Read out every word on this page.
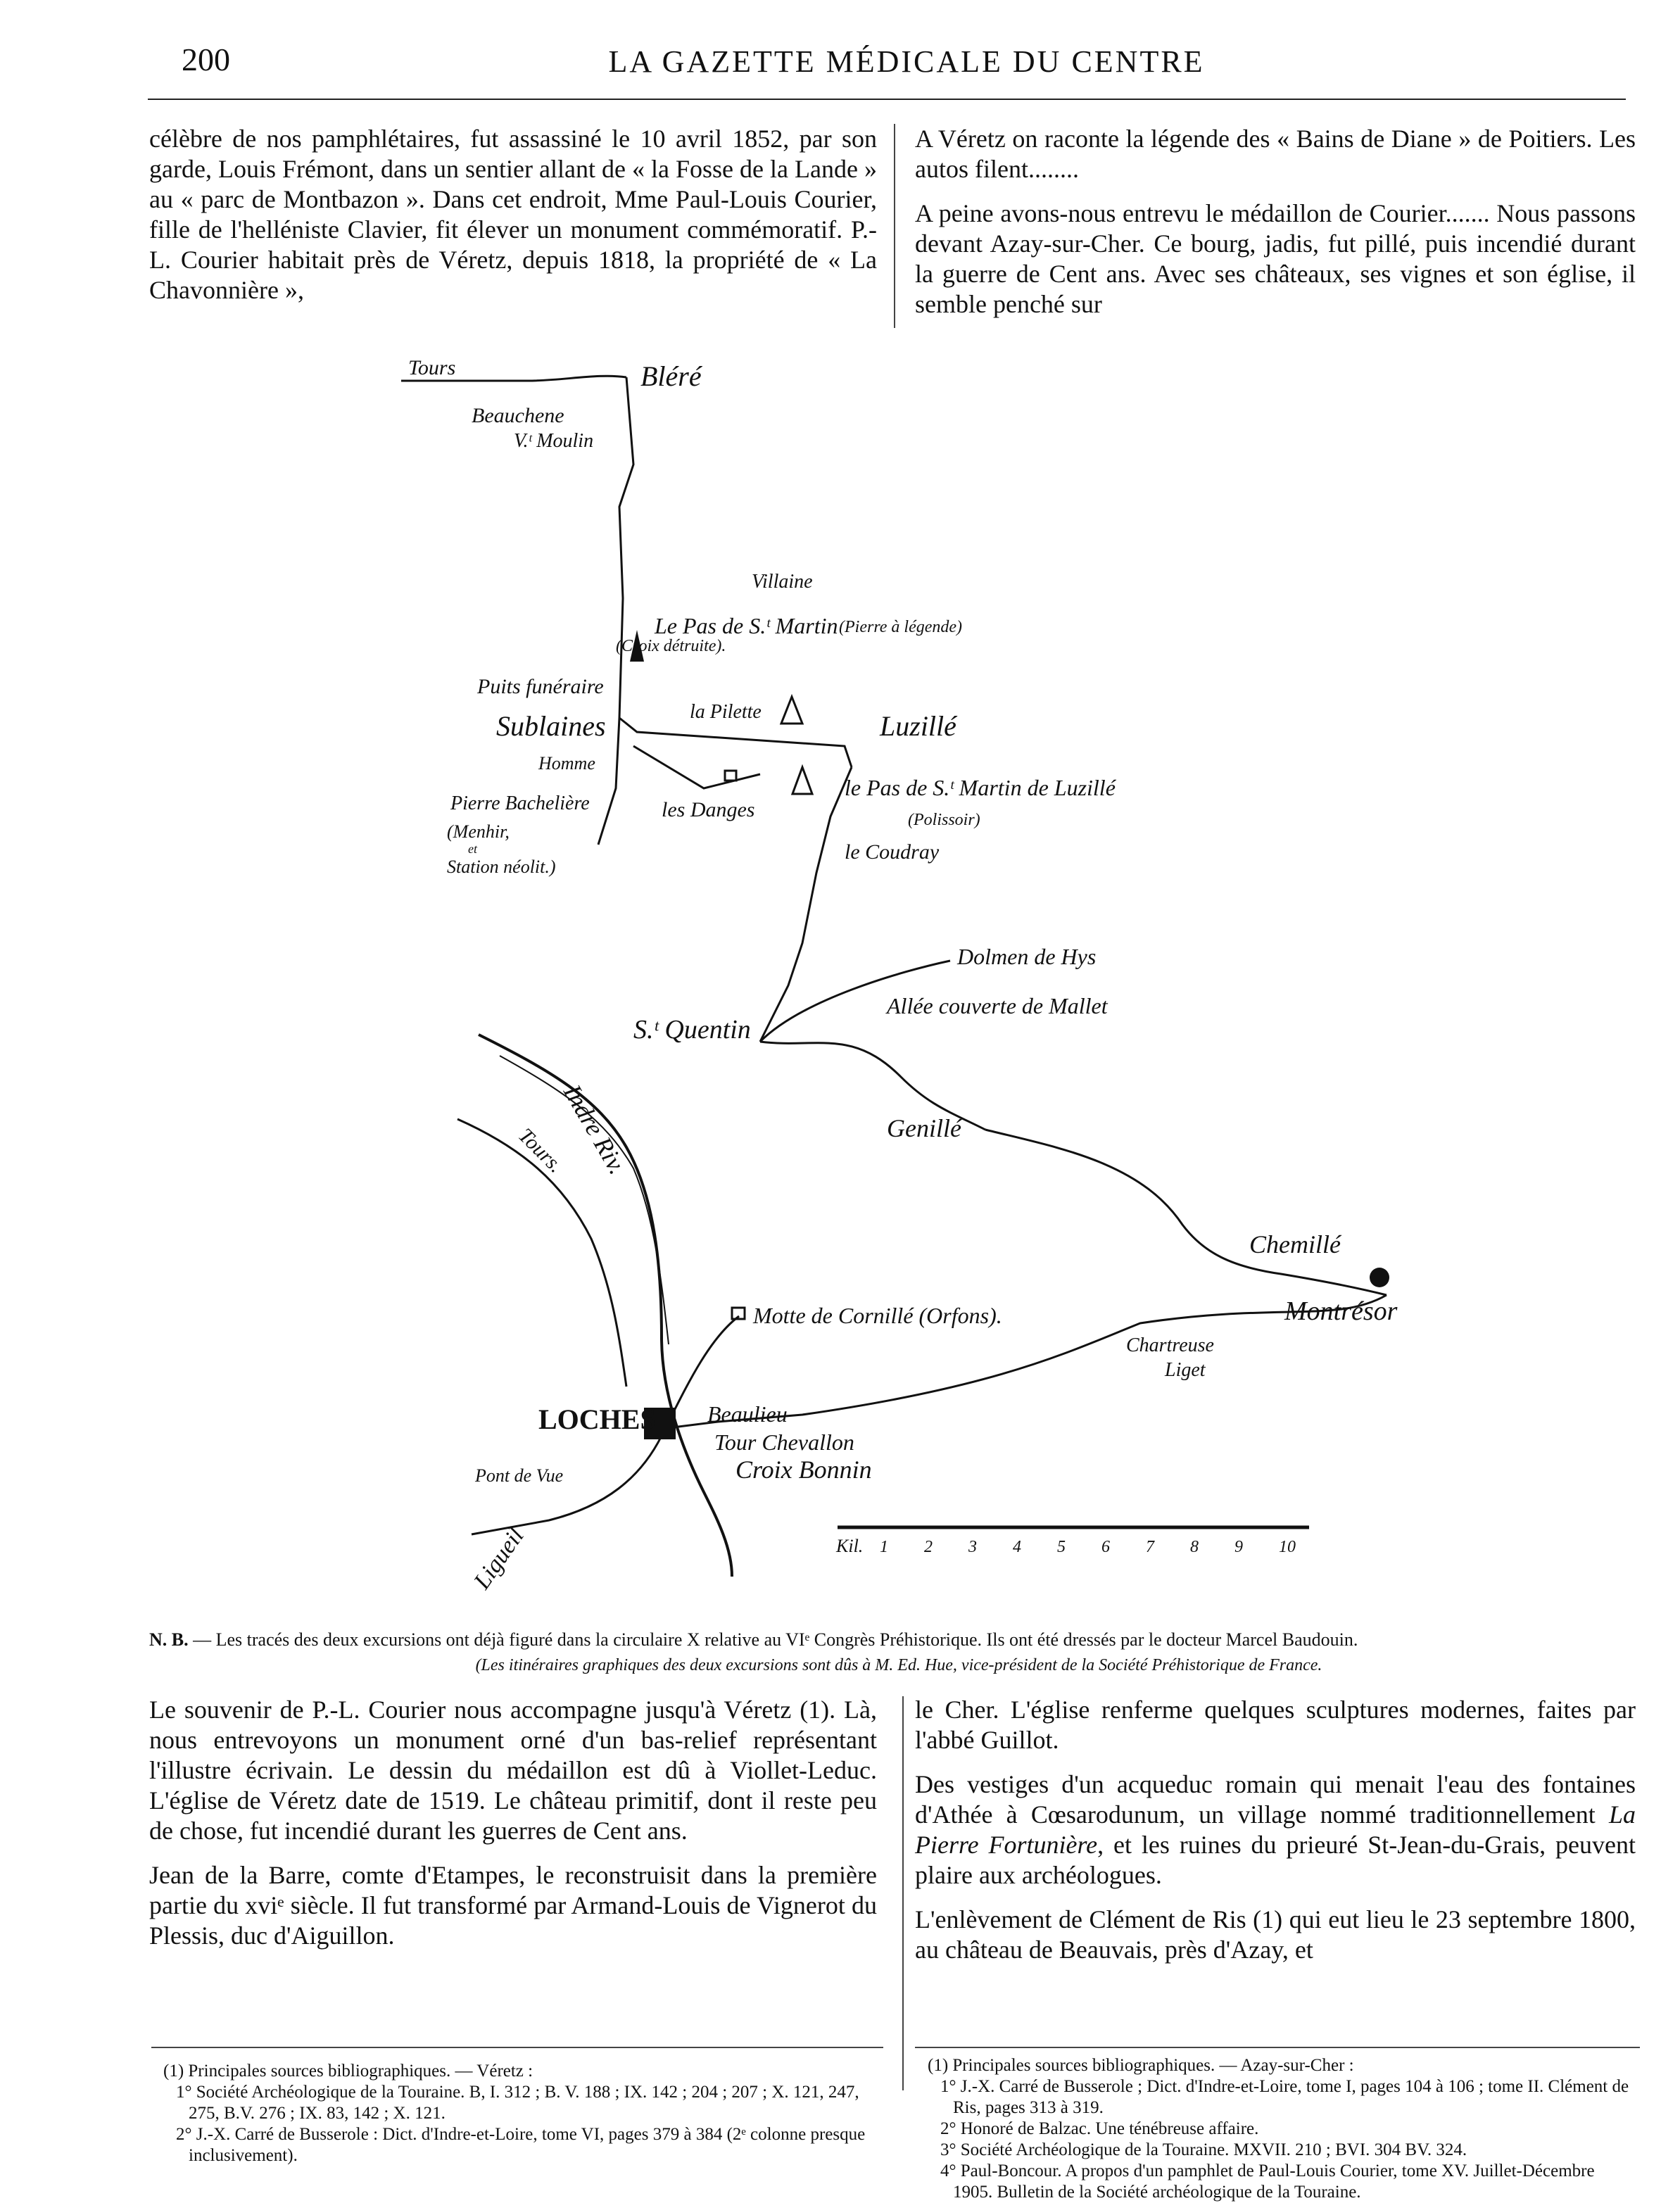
200	LA GAZETTE MÉDICALE DU CENTRE

célèbre de nos pamphlétaires, fut assassiné le 10 avril 1852, par son garde, Louis Frémont, dans un sentier allant de « la Fosse de la Lande » au « parc de Montbazon ». Dans cet endroit, Mme Paul-Louis Courier, fille de l'helléniste Clavier, fit élever un monument commémoratif. P.-L. Courier habitait près de Véretz, depuis 1818, la propriété de « La Chavonnière »,

A Véretz on raconte la légende des « Bains de Diane » de Poitiers. Les autos filent........

A peine avons-nous entrevu le médaillon de Courier....... Nous passons devant Azay-sur-Cher. Ce bourg, jadis, fut pillé, puis incendié durant la guerre de Cent ans. Avec ses châteaux, ses vignes et son église, il semble penché sur

Tours	Bléré
Beauchene
V.ᵗ Moulin
Villaine
Le Pas de S.ᵗ Martin (Pierre à légende)
(Croix détruite).
Puits funéraire
la Pilette	Luzillé
Sublaines
Homme
les Danges
le Pas de S.ᵗ Martin de Luzillé
(Polissoir)
Pierre Bachelière
(Menhir,
et
Station néolit.)
le Coudray
Dolmen de Hys
Allée couverte de Mallet
S.ᵗ Quentin
Indre Riv.
Tours.	Genillé
Chemillé
Montrésor
Motte de Cornillé (Orfons).
Chartreuse
Liget
LOCHES Beaulieu
Tour Chevallon
Croix Bonnin
Pont de Vue
Ligueil	Kil. 1 2 3 4 5 6 7 8 9 10
N. B. — Les tracés des deux excursions ont déjà figuré dans la circulaire X relative au VIᵉ Congrès Préhistorique. Ils ont été dressés par le docteur Marcel Baudouin.
(Les itinéraires graphiques des deux excursions sont dûs à M. Ed. Hue, vice-président de la Société Préhistorique de France.

Le souvenir de P.-L. Courier nous accompagne jusqu'à Véretz (1). Là, nous entrevoyons un monument orné d'un bas-relief représentant l'illustre écrivain. Le dessin du médaillon est dû à Viollet-Leduc. L'église de Véretz date de 1519. Le château primitif, dont il reste peu de chose, fut incendié durant les guerres de Cent ans.

Jean de la Barre, comte d'Etampes, le reconstruisit dans la première partie du xviᵉ siècle. Il fut transformé par Armand-Louis de Vignerot du Plessis, duc d'Aiguillon.

le Cher. L'église renferme quelques sculptures modernes, faites par l'abbé Guillot.

Des vestiges d'un acqueduc romain qui menait l'eau des fontaines d'Athée à Cœsarodunum, un village nommé traditionnellement La Pierre Fortunière, et les ruines du prieuré St-Jean-du-Grais, peuvent plaire aux archéologues.

L'enlèvement de Clément de Ris (1) qui eut lieu le 23 septembre 1800, au château de Beauvais, près d'Azay, et

(1) Principales sources bibliographiques. — Véretz :
1° Société Archéologique de la Touraine. B, I. 312 ; B. V. 188 ; IX. 142 ; 204 ; 207 ; X. 121, 247, 275, B.V. 276 ; IX. 83, 142 ; X. 121.
2° J.-X. Carré de Busserole : Dict. d'Indre-et-Loire, tome VI, pages 379 à 384 (2ᵉ colonne presque inclusivement).
(1) Principales sources bibliographiques. — Azay-sur-Cher :
1° J.-X. Carré de Busserole ; Dict. d'Indre-et-Loire, tome I, pages 104 à 106 ; tome II. Clément de Ris, pages 313 à 319.
2° Honoré de Balzac. Une ténébreuse affaire.
3° Société Archéologique de la Touraine. MXVII. 210 ; BVI. 304 BV. 324.
4° Paul-Boncour. A propos d'un pamphlet de Paul-Louis Courier, tome XV. Juillet-Décembre 1905. Bulletin de la Société archéologique de la Touraine.
